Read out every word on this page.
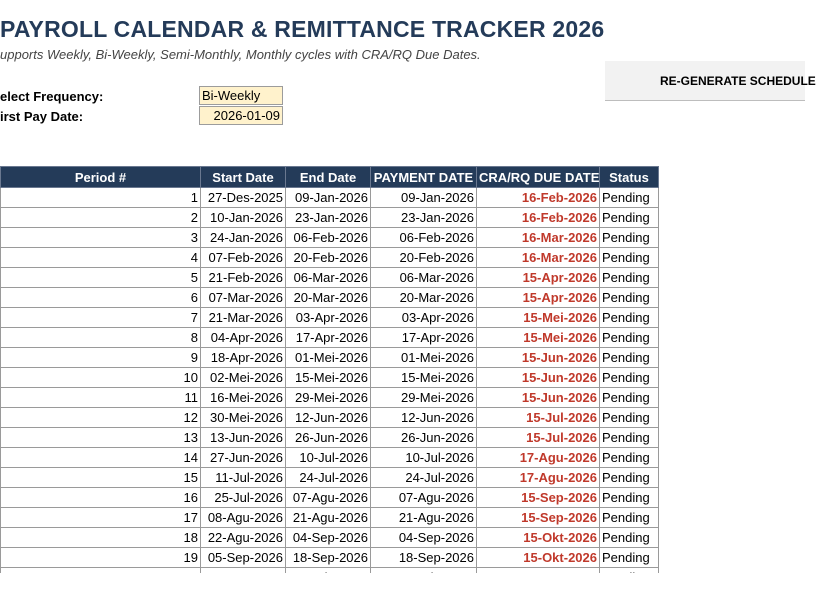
PAYROLL CALENDAR & REMITTANCE TRACKER 2026
upports Weekly, Bi-Weekly, Semi-Monthly, Monthly cycles with CRA/RQ Due Dates.
RE-GENERATE SCHEDULE
elect Frequency:
Bi-Weekly
irst Pay Date:
2026-01-09
Period #	Start Date	End Date	PAYMENT DATE	CRA/RQ DUE DATE	Status
1	27-Des-2025	09-Jan-2026	09-Jan-2026	16-Feb-2026	Pending
2	10-Jan-2026	23-Jan-2026	23-Jan-2026	16-Feb-2026	Pending
3	24-Jan-2026	06-Feb-2026	06-Feb-2026	16-Mar-2026	Pending
4	07-Feb-2026	20-Feb-2026	20-Feb-2026	16-Mar-2026	Pending
5	21-Feb-2026	06-Mar-2026	06-Mar-2026	15-Apr-2026	Pending
6	07-Mar-2026	20-Mar-2026	20-Mar-2026	15-Apr-2026	Pending
7	21-Mar-2026	03-Apr-2026	03-Apr-2026	15-Mei-2026	Pending
8	04-Apr-2026	17-Apr-2026	17-Apr-2026	15-Mei-2026	Pending
9	18-Apr-2026	01-Mei-2026	01-Mei-2026	15-Jun-2026	Pending
10	02-Mei-2026	15-Mei-2026	15-Mei-2026	15-Jun-2026	Pending
11	16-Mei-2026	29-Mei-2026	29-Mei-2026	15-Jun-2026	Pending
12	30-Mei-2026	12-Jun-2026	12-Jun-2026	15-Jul-2026	Pending
13	13-Jun-2026	26-Jun-2026	26-Jun-2026	15-Jul-2026	Pending
14	27-Jun-2026	10-Jul-2026	10-Jul-2026	17-Agu-2026	Pending
15	11-Jul-2026	24-Jul-2026	24-Jul-2026	17-Agu-2026	Pending
16	25-Jul-2026	07-Agu-2026	07-Agu-2026	15-Sep-2026	Pending
17	08-Agu-2026	21-Agu-2026	21-Agu-2026	15-Sep-2026	Pending
18	22-Agu-2026	04-Sep-2026	04-Sep-2026	15-Okt-2026	Pending
19	05-Sep-2026	18-Sep-2026	18-Sep-2026	15-Okt-2026	Pending
